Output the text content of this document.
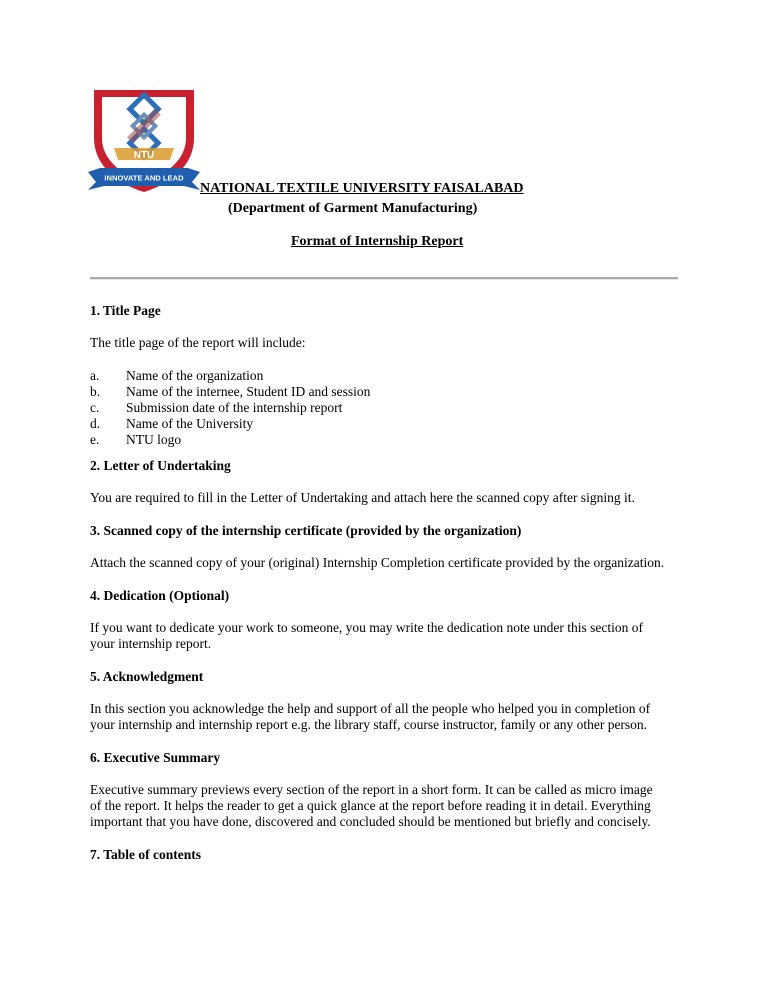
NTU
INNOVATE AND LEAD
NATIONAL TEXTILE UNIVERSITY FAISALABAD
(Department of Garment Manufacturing)
Format of Internship Report
1. Title Page
The title page of the report will include:
a. Name of the organization
b. Name of the internee, Student ID and session
c. Submission date of the internship report
d. Name of the University
e. NTU logo
2. Letter of Undertaking
You are required to fill in the Letter of Undertaking and attach here the scanned copy after signing it.
3. Scanned copy of the internship certificate (provided by the organization)
Attach the scanned copy of your (original) Internship Completion certificate provided by the organization.
4. Dedication (Optional)
If you want to dedicate your work to someone, you may write the dedication note under this section of
your internship report.
5. Acknowledgment
In this section you acknowledge the help and support of all the people who helped you in completion of
your internship and internship report e.g. the library staff, course instructor, family or any other person.
6. Executive Summary
Executive summary previews every section of the report in a short form. It can be called as micro image
of the report. It helps the reader to get a quick glance at the report before reading it in detail. Everything
important that you have done, discovered and concluded should be mentioned but briefly and concisely.
7. Table of contents
